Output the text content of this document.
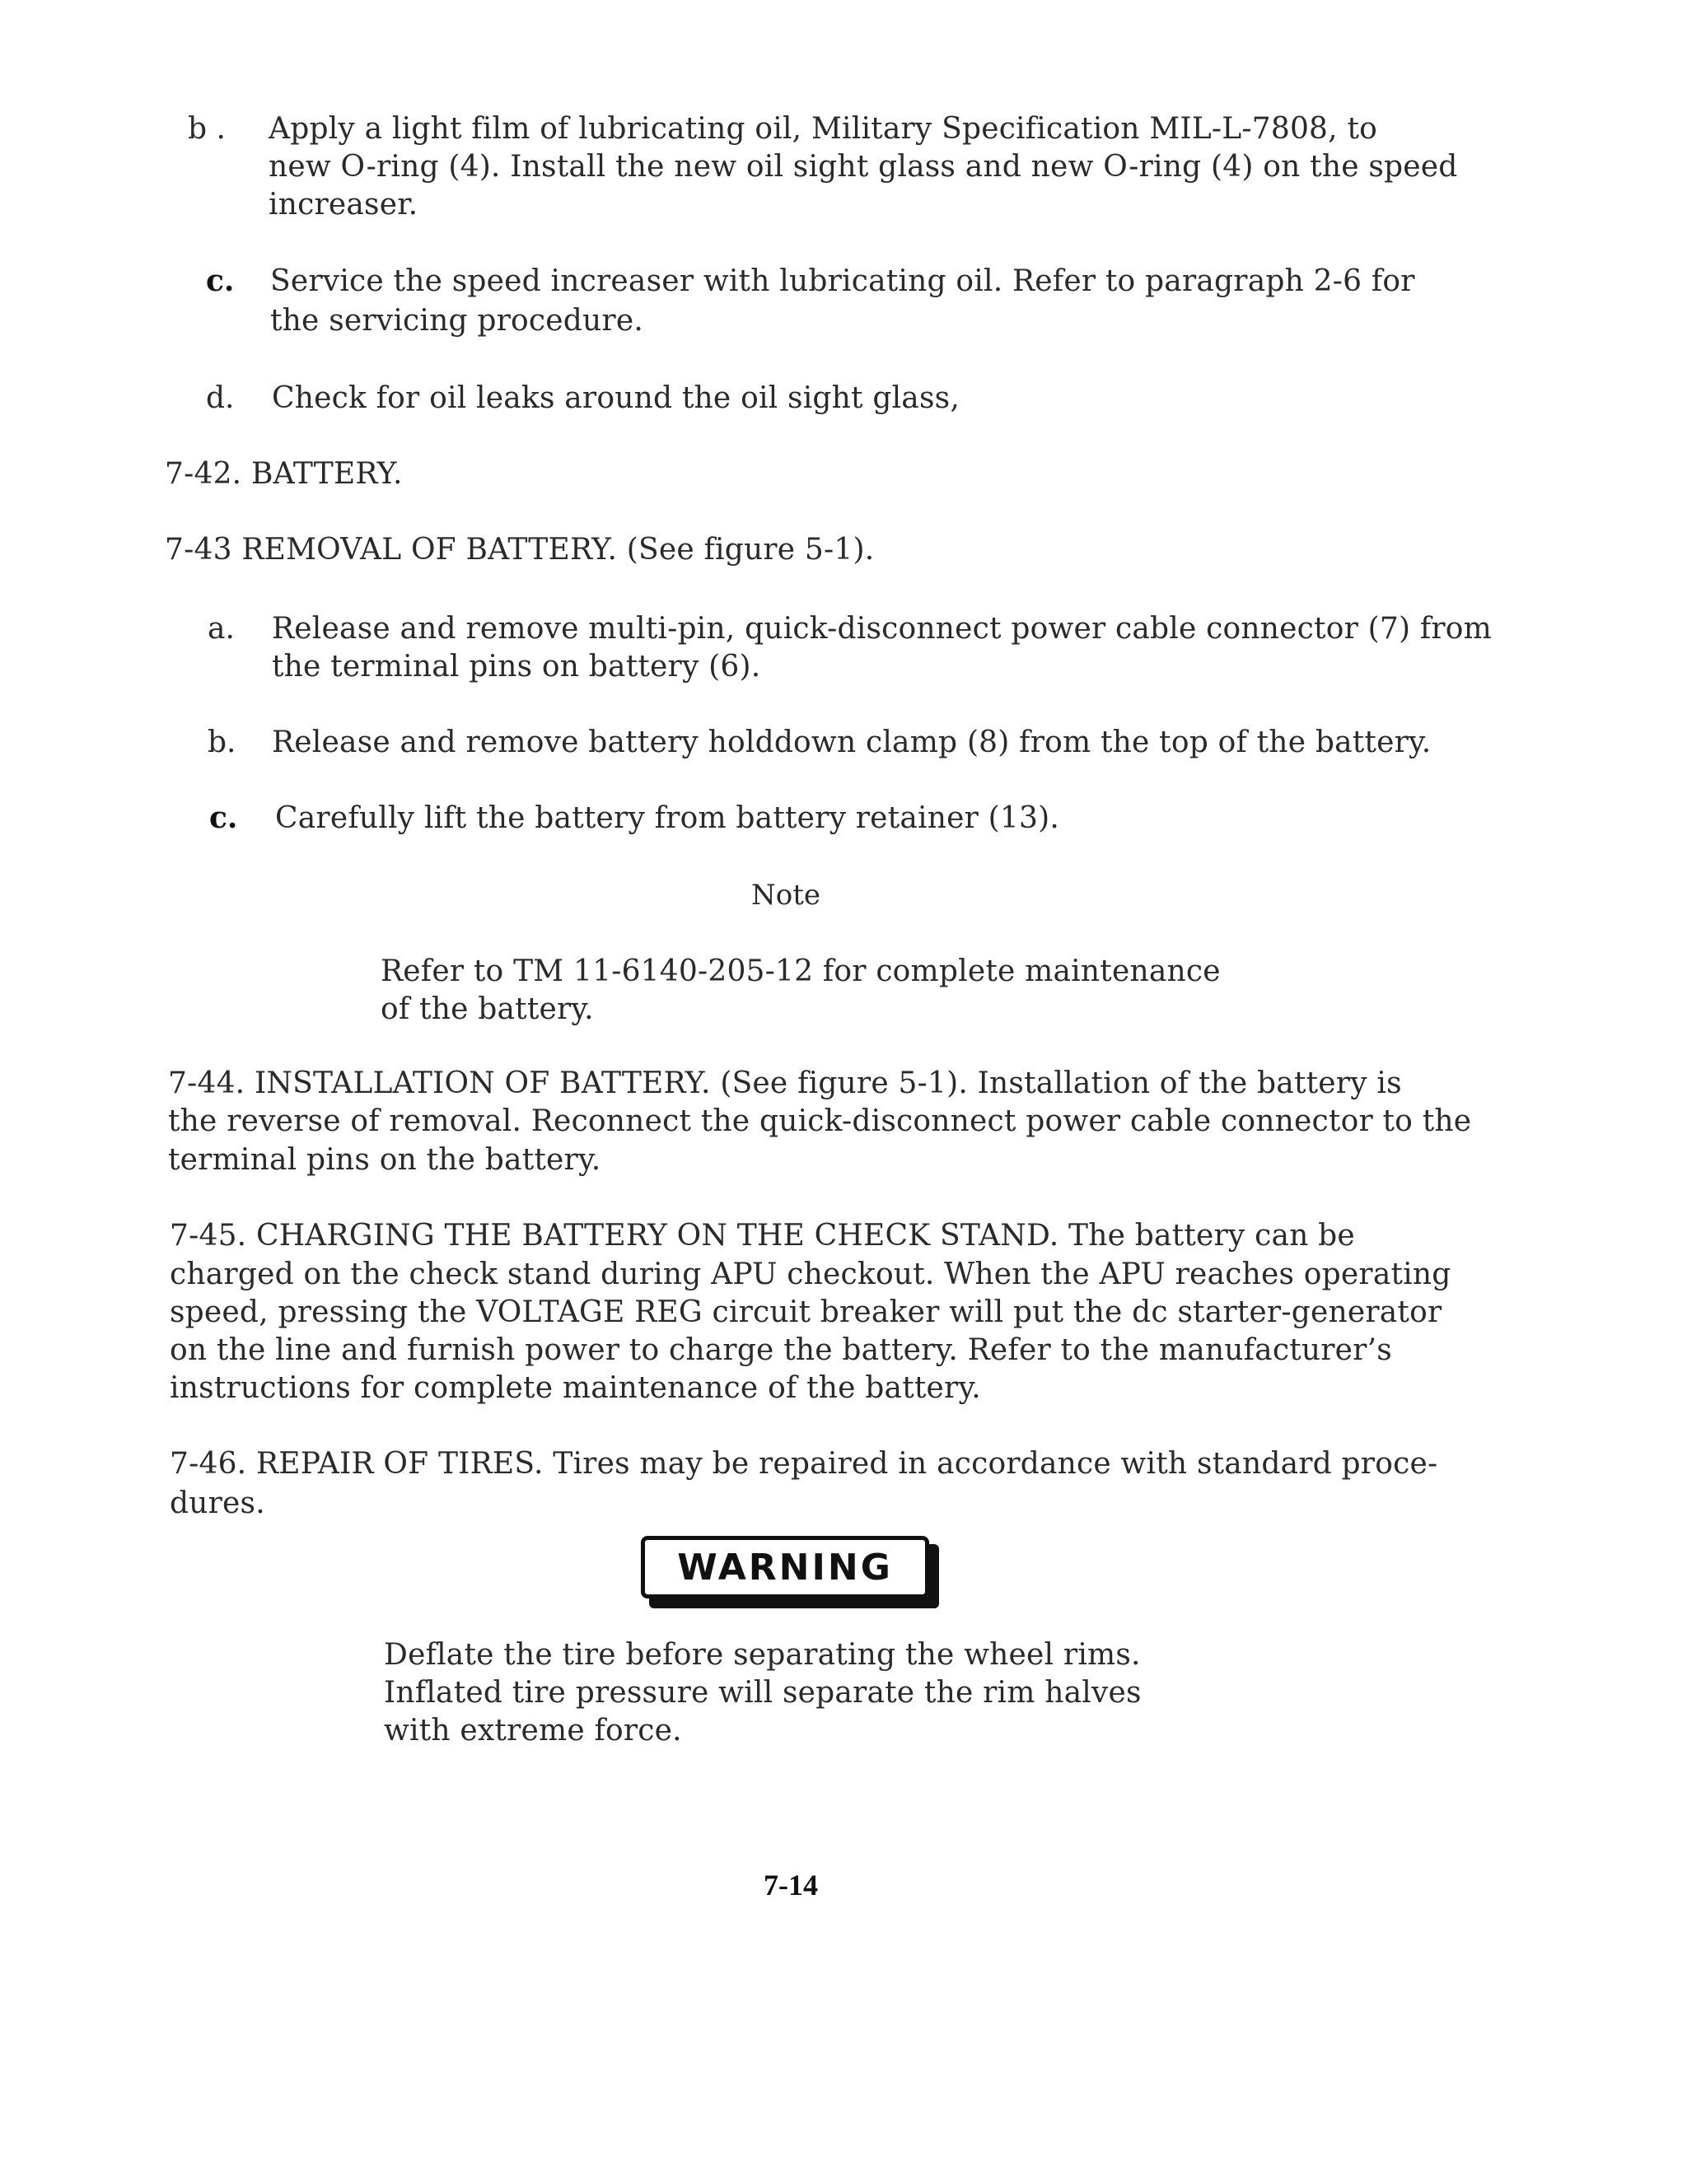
b . Apply a light film of lubricating oil, Military Specification MIL-L-7808, to
new O-ring (4). Install the new oil sight glass and new O-ring (4) on the speed
increaser.
c. Service the speed increaser with lubricating oil. Refer to paragraph 2-6 for
the servicing procedure.
d. Check for oil leaks around the oil sight glass,
7-42. BATTERY.
7-43 REMOVAL OF BATTERY. (See figure 5-1).
a. Release and remove multi-pin, quick-disconnect power cable connector (7) from
the terminal pins on battery (6).
b. Release and remove battery holddown clamp (8) from the top of the battery.
c. Carefully lift the battery from battery retainer (13).
Note
Refer to TM 11-6140-205-12 for complete maintenance
of the battery.
7-44. INSTALLATION OF BATTERY. (See figure 5-1). Installation of the battery is
the reverse of removal. Reconnect the quick-disconnect power cable connector to the
terminal pins on the battery.
7-45. CHARGING THE BATTERY ON THE CHECK STAND. The battery can be
charged on the check stand during APU checkout. When the APU reaches operating
speed, pressing the VOLTAGE REG circuit breaker will put the dc starter-generator
on the line and furnish power to charge the battery. Refer to the manufacturer’s
instructions for complete maintenance of the battery.
7-46. REPAIR OF TIRES. Tires may be repaired in accordance with standard proce-
dures.
WARNING
Deflate the tire before separating the wheel rims.
Inflated tire pressure will separate the rim halves
with extreme force.
7-14
